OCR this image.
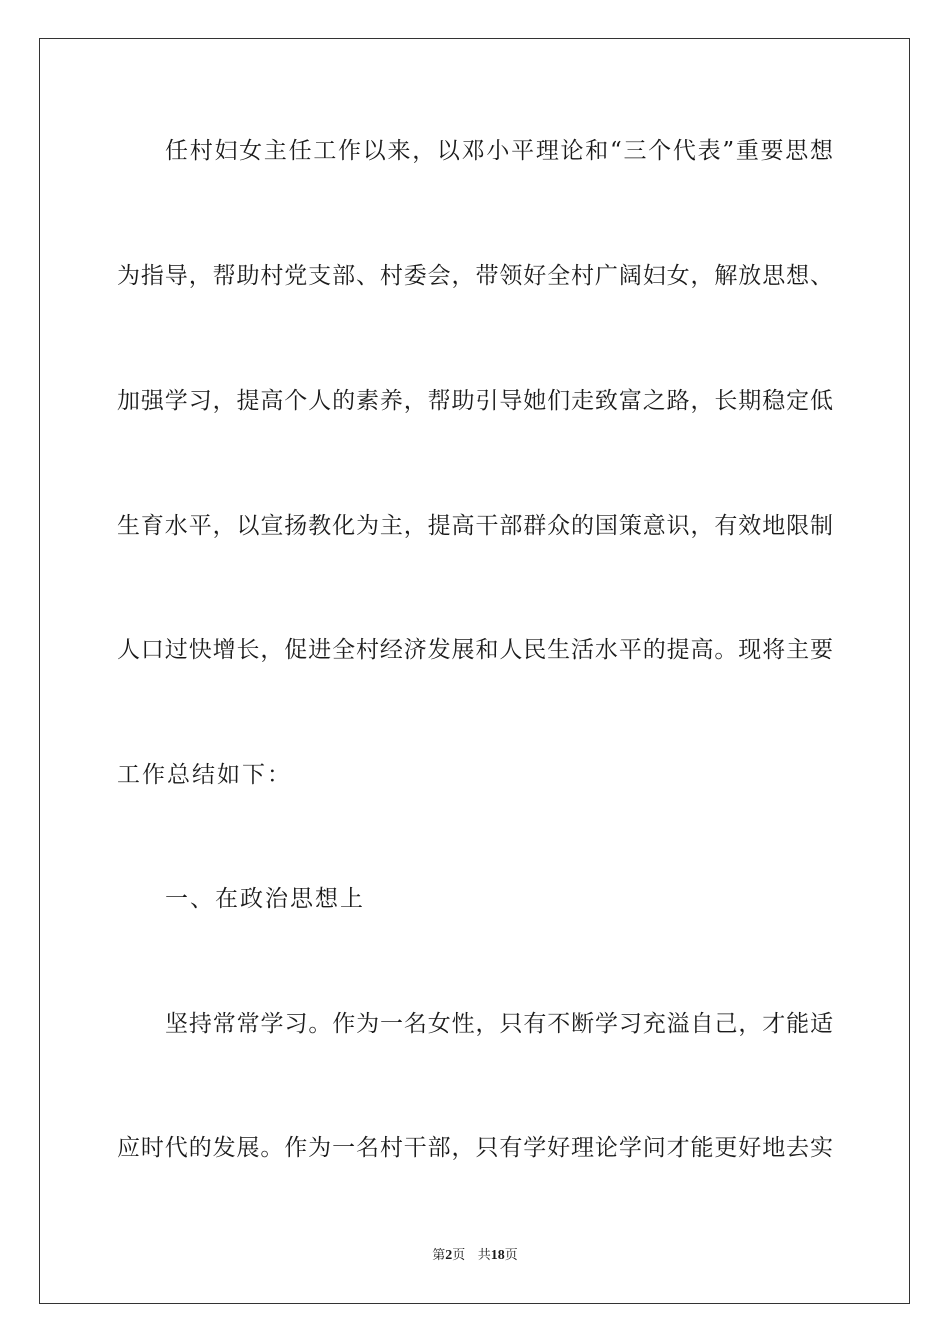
任村妇女主任工作以来，以邓小平理论和“三个代表”重要思想
为指导，帮助村党支部、村委会，带领好全村广阔妇女，解放思想、
加强学习，提高个人的素养，帮助引导她们走致富之路，长期稳定低
生育水平，以宣扬教化为主，提高干部群众的国策意识，有效地限制
人口过快增长，促进全村经济发展和人民生活水平的提高。现将主要
工作总结如下：
一、在政治思想上
坚持常常学习。作为一名女性，只有不断学习充溢自己，才能适
应时代的发展。作为一名村干部，只有学好理论学问才能更好地去实
第2页 共18页
